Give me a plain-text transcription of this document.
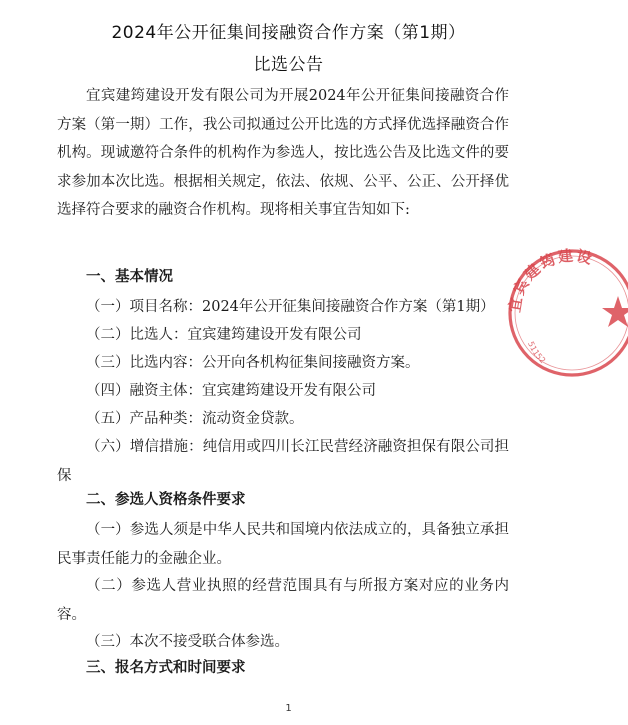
2024年公开征集间接融资合作方案（第1期）
比选公告
宜宾建筠建设开发有限公司为开展2024年公开征集间接融资合作方案（第一期）工作，我公司拟通过公开比选的方式择优选择融资合作机构。现诚邀符合条件的机构作为参选人，按比选公告及比选文件的要求参加本次比选。根据相关规定，依法、依规、公平、公正、公开择优选择符合要求的融资合作机构。现将相关事宜告知如下:
一、基本情况
（一）项目名称：2024年公开征集间接融资合作方案（第1期）
（二）比选人：宜宾建筠建设开发有限公司
（三）比选内容：公开向各机构征集间接融资方案。
（四）融资主体：宜宾建筠建设开发有限公司
（五）产品种类：流动资金贷款。
（六）增信措施：纯信用或四川长江民营经济融资担保有限公司担保
二、参选人资格条件要求
（一）参选人须是中华人民共和国境内依法成立的，具备独立承担民事责任能力的金融企业。
（二）参选人营业执照的经营范围具有与所报方案对应的业务内容。
（三）本次不接受联合体参选。
三、报名方式和时间要求
1
宜宾建筠建设
51152
